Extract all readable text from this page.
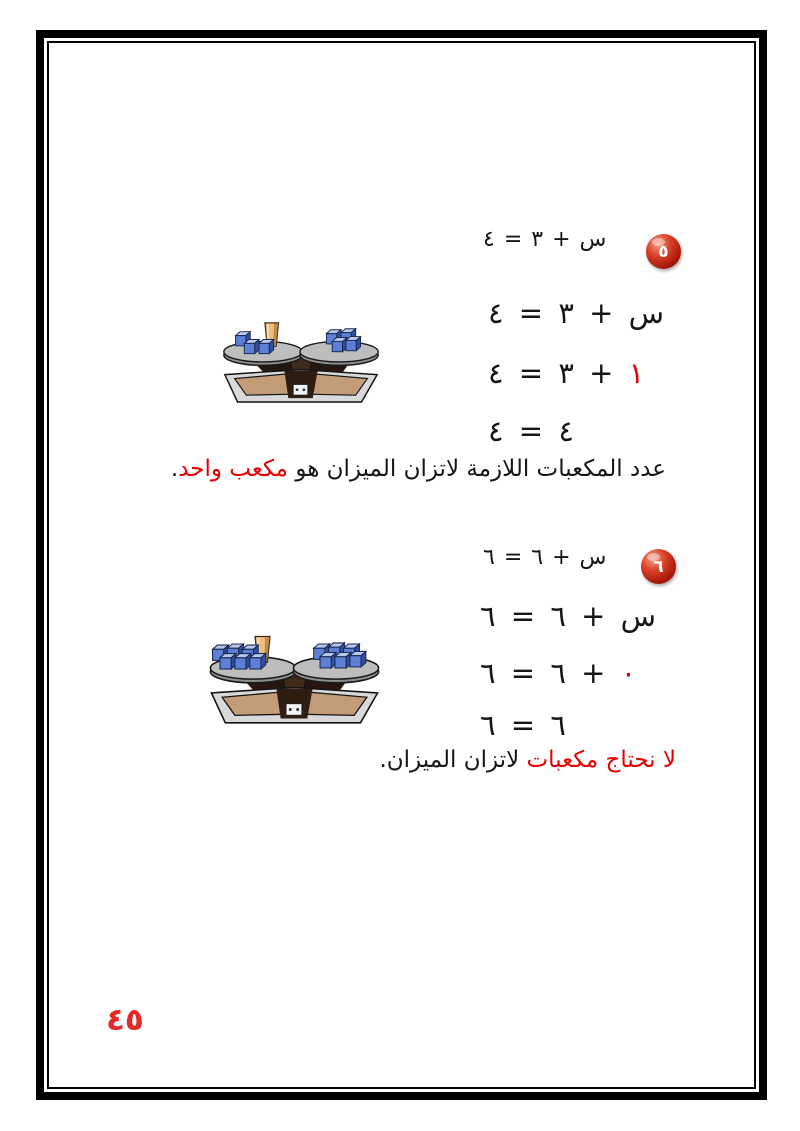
٥
س + ٣ = ٤
س + ٣ = ٤
١ + ٣ = ٤
٤ = ٤
عدد المكعبات اللازمة لاتزان الميزان هو مكعب واحد.
٦
س + ٦ = ٦
س + ٦ = ٦
٠ + ٦ = ٦
٦ = ٦
لا نحتاج مكعبات لاتزان الميزان.
٤٥
